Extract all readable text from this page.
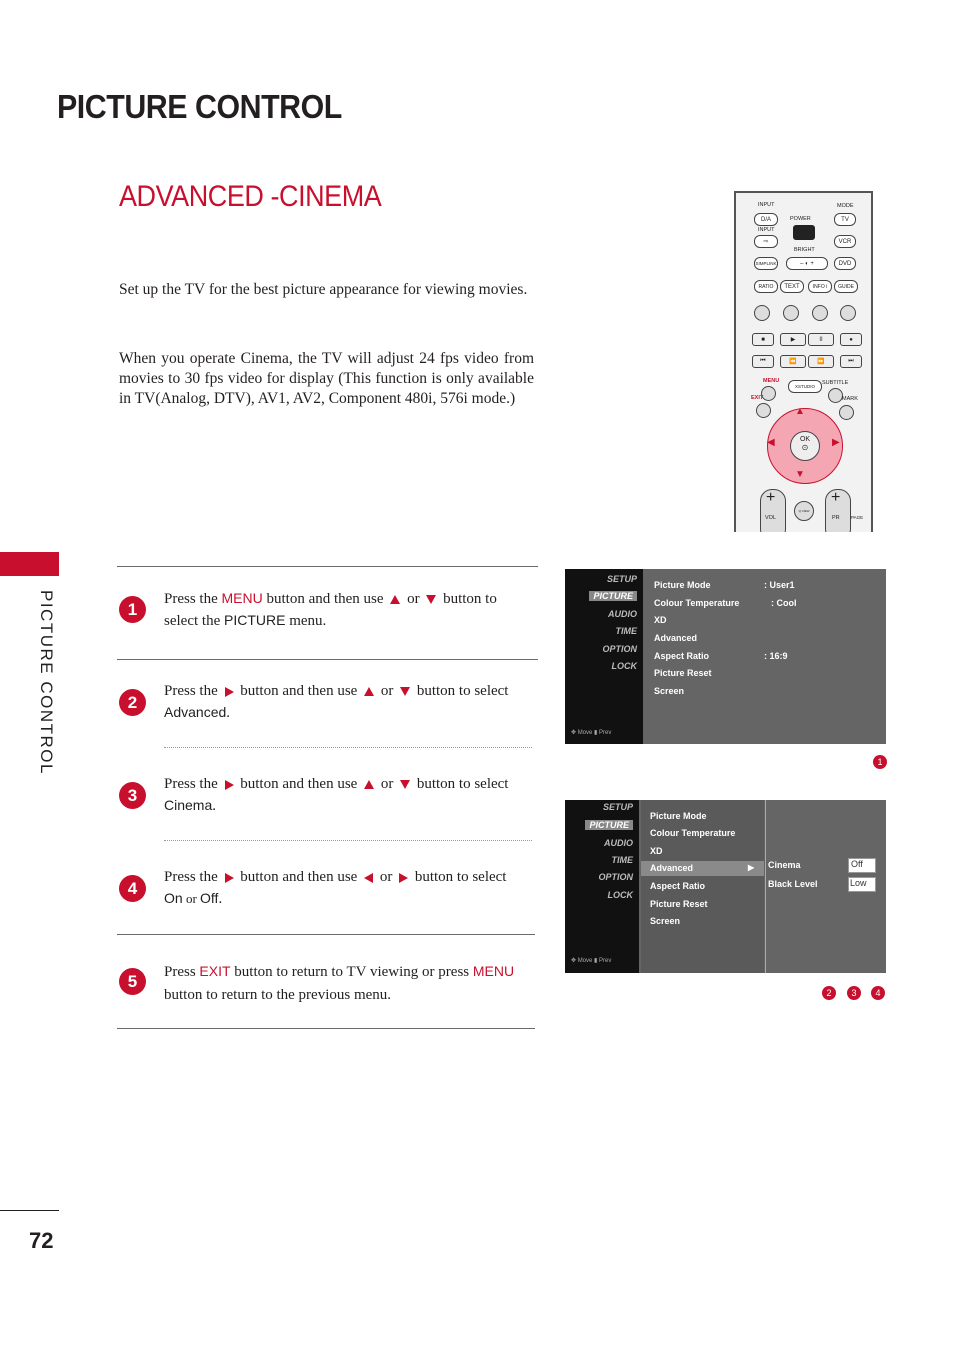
PICTURE CONTROL
ADVANCED -CINEMA
PICTURE CONTROL
72
Set up the TV for the best picture appearance for viewing movies.
When you operate Cinema, the TV will adjust 24 fps video from movies to 30 fps video for display (This function is only available in TV(Analog, DTV), AV1, AV2, Component 480i, 576i mode.)
INPUT	MODE
D/A	TV
POWER
INPUT
⇨	VCR
BRIGHT
SIMPLINK	– ◐ +	DVD
RATIO	TEXT	INFO i	GUIDE
■	▶	II	●
⏮	⏪	⏩	⏭
MENU
XSTUDIO
SUBTITLE
EXIT	MARK
▲
▼
◀	▶
OK
⊙
+
VOL
Q.VIEW
+
PR	PAGE
1
Press the MENU button and then use  or  button to select the PICTURE menu.
2
Press the  button and then use  or  button to select Advanced.
3
Press the  button and then use  or  button to select Cinema.
4
Press the  button and then use  or  button to select On or Off.
5	Press EXIT button to return to TV viewing or press MENU button to return to the previous menu.
SETUP
PICTURE
AUDIO
TIME
OPTION
LOCK
✥ Move ▮ Prev
Picture Mode	: User1
Colour Temperature	: Cool
XD
Advanced
Aspect Ratio	: 16:9
Picture Reset
Screen
1
SETUP
PICTURE
AUDIO
TIME
OPTION
LOCK
✥ Move ▮ Prev
Picture Mode
Colour Temperature
XD
Advanced	▶
Aspect Ratio
Picture Reset
Screen
Cinema	Off
Black Level	Low
2	3	4
